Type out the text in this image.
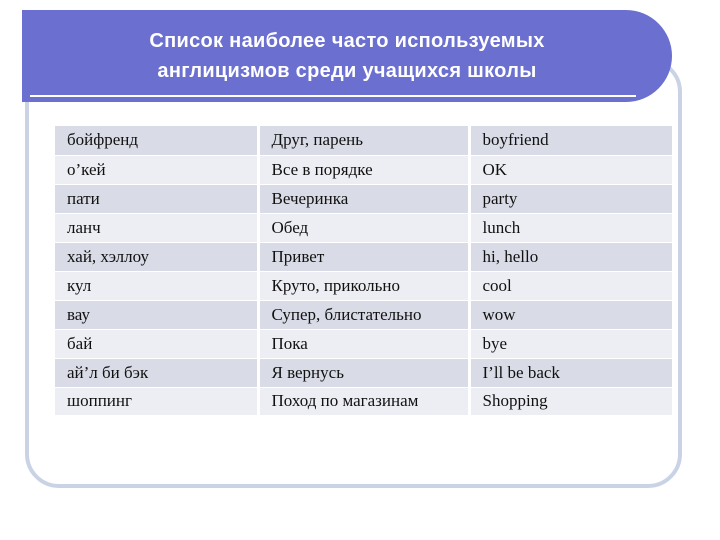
Список наиболее часто используемых
англицизмов среди учащихся школы
бойфренд	Друг, парень	boyfriend
о’кей	Все в порядке	OK
пати	Вечеринка	party
ланч	Обед	lunch
хай, хэллоу	Привет	hi, hello
кул	Круто, прикольно	cool
вау	Супер, блистательно	wow
бай	Пока	bye
ай’л би бэк	Я вернусь	I’ll be back
шоппинг	Поход по магазинам	Shopping
